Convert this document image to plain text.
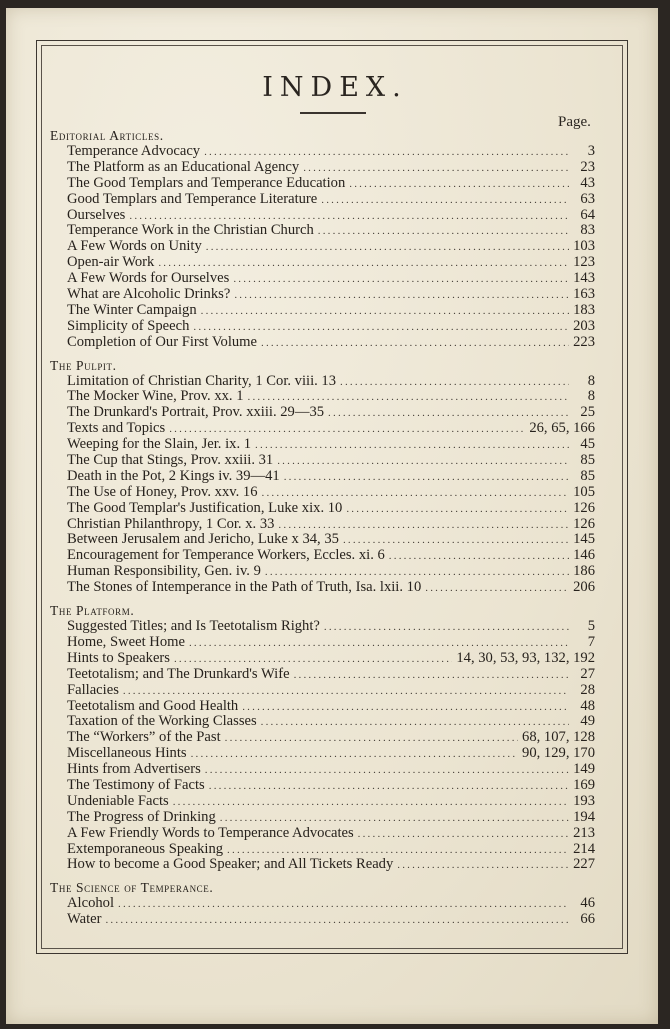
INDEX.
Page.
Editorial Articles.
Temperance Advocacy .....	3
The Platform as an Educational Agency .....	23
The Good Templars and Temperance Education .....	43
Good Templars and Temperance Literature .....	63
Ourselves .....	64
Temperance Work in the Christian Church .....	83
A Few Words on Unity .....	103
Open-air Work .....	123
A Few Words for Ourselves .....	143
What are Alcoholic Drinks? .....	163
The Winter Campaign .....	183
Simplicity of Speech .....	203
Completion of Our First Volume .....	223
The Pulpit.
Limitation of Christian Charity, 1 Cor. viii. 13 .....	8
The Mocker Wine, Prov. xx. 1 .....	8
The Drunkard's Portrait, Prov. xxiii. 29—35 .....	25
Texts and Topics .....	26, 65, 166
Weeping for the Slain, Jer. ix. 1 .....	45
The Cup that Stings, Prov. xxiii. 31 .....	85
Death in the Pot, 2 Kings iv. 39—41 .....	85
The Use of Honey, Prov. xxv. 16 .....	105
The Good Templar's Justification, Luke xix. 10 .....	126
Christian Philanthropy, 1 Cor. x. 33 .....	126
Between Jerusalem and Jericho, Luke x 34, 35 .....	145
Encouragement for Temperance Workers, Eccles. xi. 6 .....	146
Human Responsibility, Gen. iv. 9 .....	186
The Stones of Intemperance in the Path of Truth, Isa. lxii. 10 .....	206
The Platform.
Suggested Titles; and Is Teetotalism Right? .....	5
Home, Sweet Home .....	7
Hints to Speakers .....	14, 30, 53, 93, 132, 192
Teetotalism; and The Drunkard's Wife .....	27
Fallacies .....	28
Teetotalism and Good Health .....	48
Taxation of the Working Classes .....	49
The “Workers” of the Past .....	68, 107, 128
Miscellaneous Hints .....	90, 129, 170
Hints from Advertisers .....	149
The Testimony of Facts .....	169
Undeniable Facts .....	193
The Progress of Drinking .....	194
A Few Friendly Words to Temperance Advocates .....	213
Extemporaneous Speaking .....	214
How to become a Good Speaker; and All Tickets Ready .....	227
The Science of Temperance.
Alcohol .....	46
Water .....	66
